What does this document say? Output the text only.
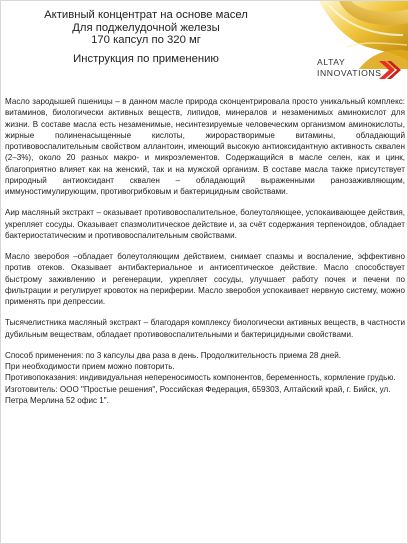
Активный концентрат на основе масел
Для поджелудочной железы
170 капсул по 320 мг
Инструкция по применению	ALTAY
INNOVATIONS

Масло зародышей пшеницы – в данном масле природа сконцентрировала просто уникальный комплекс: витаминов, биологически активных веществ, липидов, минералов и незаменимых аминокислот для жизни. В составе масла есть незаменимые, несинтезируемые человеческим организмом аминокислоты, жирные полиненасыщенные кислоты, жирорастворимые витамины, обладающий противовоспалительным свойством аллантоин, имеющий высокую антиоксидантную активность сквален (2–3%), около 20 разных макро- и микроэлементов. Содержащийся в масле селен, как и цинк, благоприятно влияет как на женский, так и на мужской организм. В составе масла также присутствует природный антиоксидант сквален – обладающий выраженными ранозаживляющим, иммуностимулирующим, противогрибковым и бактерицидным свойствами.

Аир масляный экстракт – оказывает противовоспалительное, болеутоляющее, успокаивающее действия, укрепляет сосуды. Оказывает спазмолитическое действие и, за счёт содержания терпеноидов, обладает бактериостатическим и противовоспалительным свойствами.

Масло зверобоя –обладает болеутоляющим действием, снимает спазмы и воспаление, эффективно против отеков. Оказывает антибактериальное и антисептическое действие. Масло способствует быстрому заживлению и регенерации, укрепляет сосуды, улучшает работу почек и печени по фильтрации и регулирует кровоток на периферии. Масло зверобоя успокаивает нервную систему, можно применять при депрессии.

Тысячелистника масляный экстракт – благодаря комплексу биологически активных веществ, в частности дубильным веществам, обладает противовоспалительными и бактерицидными свойствами.

Способ применения: по 3 капсулы два раза в день. Продолжительность приема 28 дней.

При необходимости прием можно повторить.

Противопоказания: индивидуальная непереносимость компонентов, беременность, кормление грудью.

Изготовитель: ООО "Простые решения", Российская Федерация, 659303, Алтайский край, г. Бийск, ул. Петра Мерлина 52 офис 1".
